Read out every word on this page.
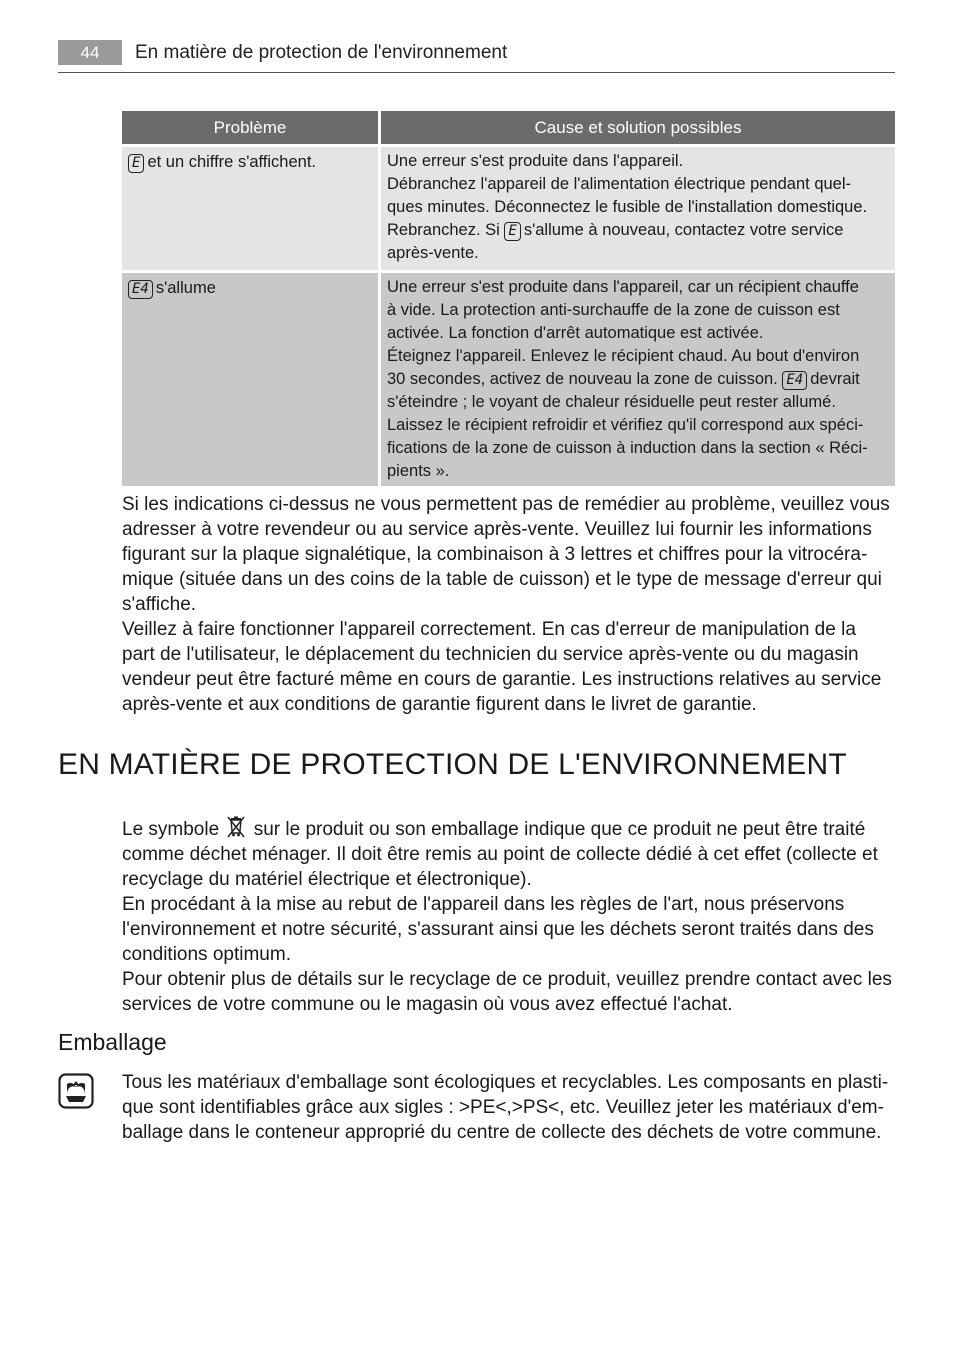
44	En matière de protection de l'environnement
Problème	Cause et solution possibles
E et un chiffre s'affichent.	Une erreur s'est produite dans l'appareil.
Débranchez l'appareil de l'alimentation électrique pendant quel-
ques minutes. Déconnectez le fusible de l'installation domestique.
Rebranchez. Si E s'allume à nouveau, contactez votre service
après-vente.
E4 s'allume	Une erreur s'est produite dans l'appareil, car un récipient chauffe
à vide. La protection anti-surchauffe de la zone de cuisson est
activée. La fonction d'arrêt automatique est activée.
Éteignez l'appareil. Enlevez le récipient chaud. Au bout d'environ
30 secondes, activez de nouveau la zone de cuisson. E4 devrait
s'éteindre ; le voyant de chaleur résiduelle peut rester allumé.
Laissez le récipient refroidir et vérifiez qu'il correspond aux spéci-
fications de la zone de cuisson à induction dans la section « Réci-
pients ».
Si les indications ci-dessus ne vous permettent pas de remédier au problème, veuillez vous
adresser à votre revendeur ou au service après-vente. Veuillez lui fournir les informations
figurant sur la plaque signalétique, la combinaison à 3 lettres et chiffres pour la vitrocéra-
mique (située dans un des coins de la table de cuisson) et le type de message d'erreur qui
s'affiche.
Veillez à faire fonctionner l'appareil correctement. En cas d'erreur de manipulation de la
part de l'utilisateur, le déplacement du technicien du service après-vente ou du magasin
vendeur peut être facturé même en cours de garantie. Les instructions relatives au service
après-vente et aux conditions de garantie figurent dans le livret de garantie.
EN MATIÈRE DE PROTECTION DE L'ENVIRONNEMENT
Le symbole sur le produit ou son emballage indique que ce produit ne peut être traité
comme déchet ménager. Il doit être remis au point de collecte dédié à cet effet (collecte et
recyclage du matériel électrique et électronique).
En procédant à la mise au rebut de l'appareil dans les règles de l'art, nous préservons
l'environnement et notre sécurité, s'assurant ainsi que les déchets seront traités dans des
conditions optimum.
Pour obtenir plus de détails sur le recyclage de ce produit, veuillez prendre contact avec les
services de votre commune ou le magasin où vous avez effectué l'achat.
Emballage
Tous les matériaux d'emballage sont écologiques et recyclables. Les composants en plasti-
que sont identifiables grâce aux sigles : >PE<,>PS<, etc. Veuillez jeter les matériaux d'em-
ballage dans le conteneur approprié du centre de collecte des déchets de votre commune.
